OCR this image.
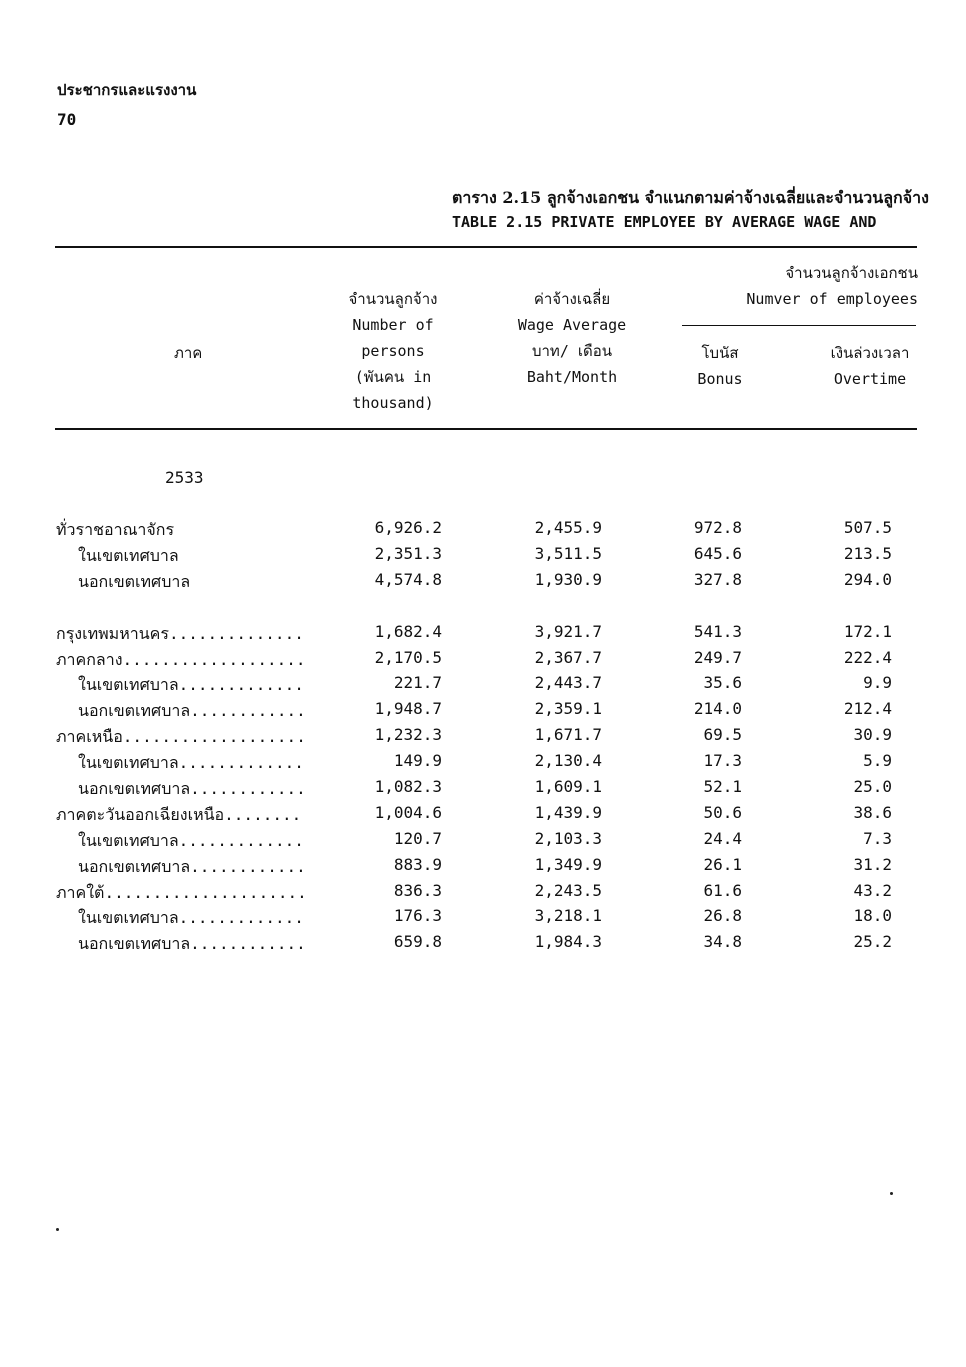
ประชากรและแรงงาน
70
ตาราง 2.15 ลูกจ้างเอกชน จำแนกตามค่าจ้างเฉลี่ยและจำนวนลูกจ้าง
TABLE 2.15 PRIVATE EMPLOYEE BY AVERAGE WAGE AND
ภาค
จำนวนลูกจ้าง
Number of
persons
(พันคน in
thousand)
ค่าจ้างเฉลี่ย
Wage Average
บาท/ เดือน
Baht/Month
จำนวนลูกจ้างเอกชน
Numver of employees
โบนัส
Bonus
เงินล่วงเวลา
Overtime
2533
ทั่วราชอาณาจักร	6,926.2	2,455.9	972.8	507.5
ในเขตเทศบาล	2,351.3	3,511.5	645.6	213.5
นอกเขตเทศบาล	4,574.8	1,930.9	327.8	294.0
กรุงเทพมหานคร..............	1,682.4	3,921.7	541.3	172.1
ภาคกลาง...................	2,170.5	2,367.7	249.7	222.4
ในเขตเทศบาล.............	221.7	2,443.7	35.6	9.9
นอกเขตเทศบาล............	1,948.7	2,359.1	214.0	212.4
ภาคเหนือ...................	1,232.3	1,671.7	69.5	30.9
ในเขตเทศบาล.............	149.9	2,130.4	17.3	5.9
นอกเขตเทศบาล............	1,082.3	1,609.1	52.1	25.0
ภาคตะวันออกเฉียงเหนือ........	1,004.6	1,439.9	50.6	38.6
ในเขตเทศบาล.............	120.7	2,103.3	24.4	7.3
นอกเขตเทศบาล............	883.9	1,349.9	26.1	31.2
ภาคใต้.....................	836.3	2,243.5	61.6	43.2
ในเขตเทศบาล.............	176.3	3,218.1	26.8	18.0
นอกเขตเทศบาล............	659.8	1,984.3	34.8	25.2
